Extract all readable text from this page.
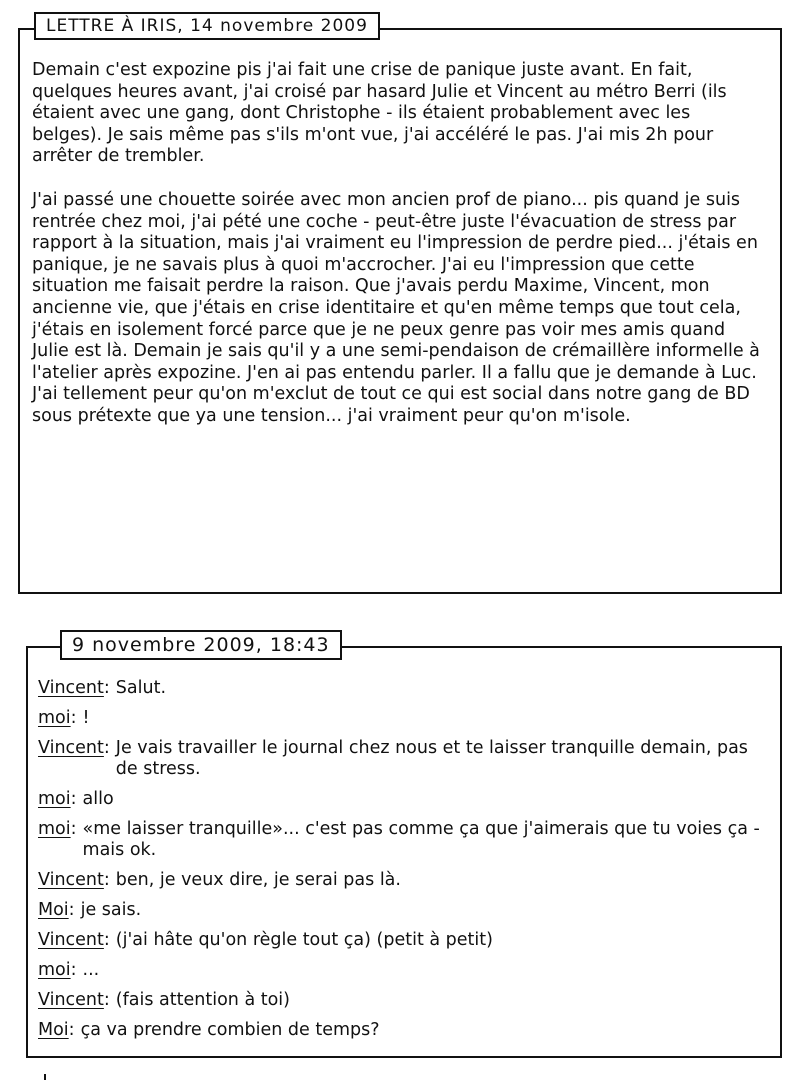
LETTRE À IRIS, 14 novembre 2009

Demain c'est expozine pis j'ai fait une crise de panique juste avant. En fait, quelques heures avant, j'ai croisé par hasard Julie et Vincent au métro Berri (ils étaient avec une gang, dont Christophe - ils étaient probablement avec les belges). Je sais même pas s'ils m'ont vue, j'ai accéléré le pas. J'ai mis 2h pour arrêter de trembler.

J'ai passé une chouette soirée avec mon ancien prof de piano... pis quand je suis rentrée chez moi, j'ai pété une coche - peut-être juste l'évacuation de stress par rapport à la situation, mais j'ai vraiment eu l'impression de perdre pied... j'étais en panique, je ne savais plus à quoi m'accrocher. J'ai eu l'impression que cette situation me faisait perdre la raison. Que j'avais perdu Maxime, Vincent, mon ancienne vie, que j'étais en crise identitaire et qu'en même temps que tout cela, j'étais en isolement forcé parce que je ne peux genre pas voir mes amis quand Julie est là. Demain je sais qu'il y a une semi-pendaison de crémaillère informelle à l'atelier après expozine. J'en ai pas entendu parler. Il a fallu que je demande à Luc. J'ai tellement peur qu'on m'exclut de tout ce qui est social dans notre gang de BD sous prétexte que ya une tension... j'ai vraiment peur qu'on m'isole.

9 novembre 2009, 18:43
Vincent: Salut.
moi: !
Vincent: Je vais travailler le journal chez nous et te laisser tranquille demain, pas de stress.
moi: allo
moi: «me laisser tranquille»... c'est pas comme ça que j'aimerais que tu voies ça - mais ok.
Vincent: ben, je veux dire, je serai pas là.
Moi: je sais.
Vincent: (j'ai hâte qu'on règle tout ça) (petit à petit)
moi: ...
Vincent: (fais attention à toi)
Moi: ça va prendre combien de temps?
